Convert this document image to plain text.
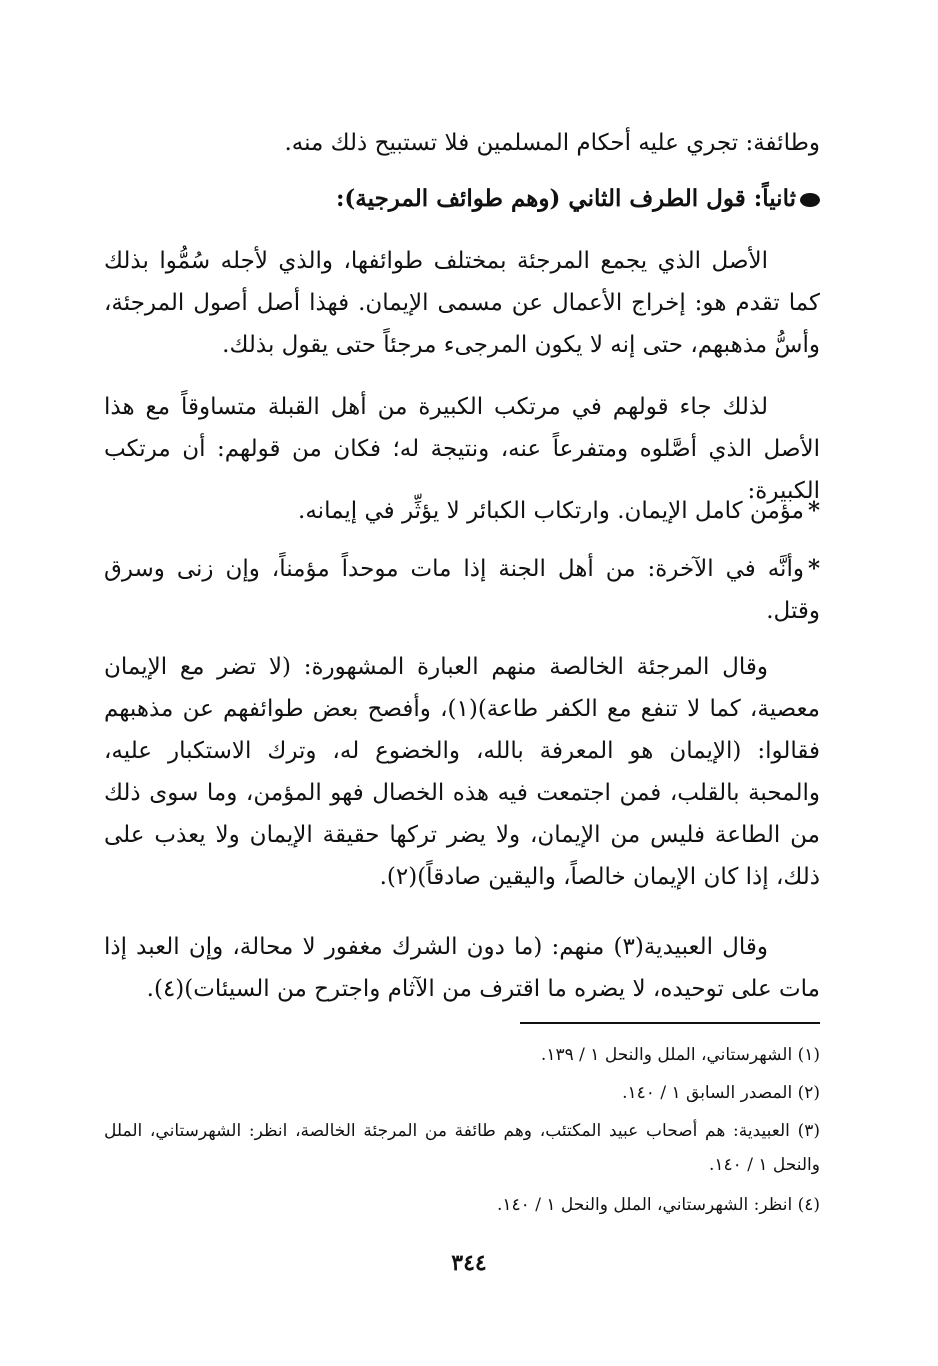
وطائفة: تجري عليه أحكام المسلمين فلا تستبيح ذلك منه.

ثانياً: قول الطرف الثاني (وهم طوائف المرجية):

الأصل الذي يجمع المرجئة بمختلف طوائفها، والذي لأجله سُمُّوا بذلك كما تقدم هو: إخراج الأعمال عن مسمى الإيمان. فهذا أصل أصول المرجئة، وأسُّ مذهبهم، حتى إنه لا يكون المرجىء مرجئاً حتى يقول بذلك.

لذلك جاء قولهم في مرتكب الكبيرة من أهل القبلة متساوقاً مع هذا الأصل الذي أصَّلوه ومتفرعاً عنه، ونتيجة له؛ فكان من قولهم: أن مرتكب الكبيرة:

*مؤمن كامل الإيمان. وارتكاب الكبائر لا يؤثِّر في إيمانه.

*وأنَّه في الآخرة: من أهل الجنة إذا مات موحداً مؤمناً، وإن زنى وسرق وقتل.

وقال المرجئة الخالصة منهم العبارة المشهورة: (لا تضر مع الإيمان معصية، كما لا تنفع مع الكفر طاعة)(١)، وأفصح بعض طوائفهم عن مذهبهم فقالوا: (الإيمان هو المعرفة بالله، والخضوع له، وترك الاستكبار عليه، والمحبة بالقلب، فمن اجتمعت فيه هذه الخصال فهو المؤمن، وما سوى ذلك من الطاعة فليس من الإيمان، ولا يضر تركها حقيقة الإيمان ولا يعذب على ذلك، إذا كان الإيمان خالصاً، واليقين صادقاً)(٢).

وقال العبيدية(٣) منهم: (ما دون الشرك مغفور لا محالة، وإن العبد إذا مات على توحيده، لا يضره ما اقترف من الآثام واجترح من السيئات)(٤).

(١) الشهرستاني، الملل والنحل ١ / ١٣٩.

(٢) المصدر السابق ١ / ١٤٠.

(٣) العبيدية: هم أصحاب عبيد المكتئب، وهم طائفة من المرجئة الخالصة، انظر: الشهرستاني، الملل والنحل ١ / ١٤٠.

(٤) انظر: الشهرستاني، الملل والنحل ١ / ١٤٠.

٣٤٤
